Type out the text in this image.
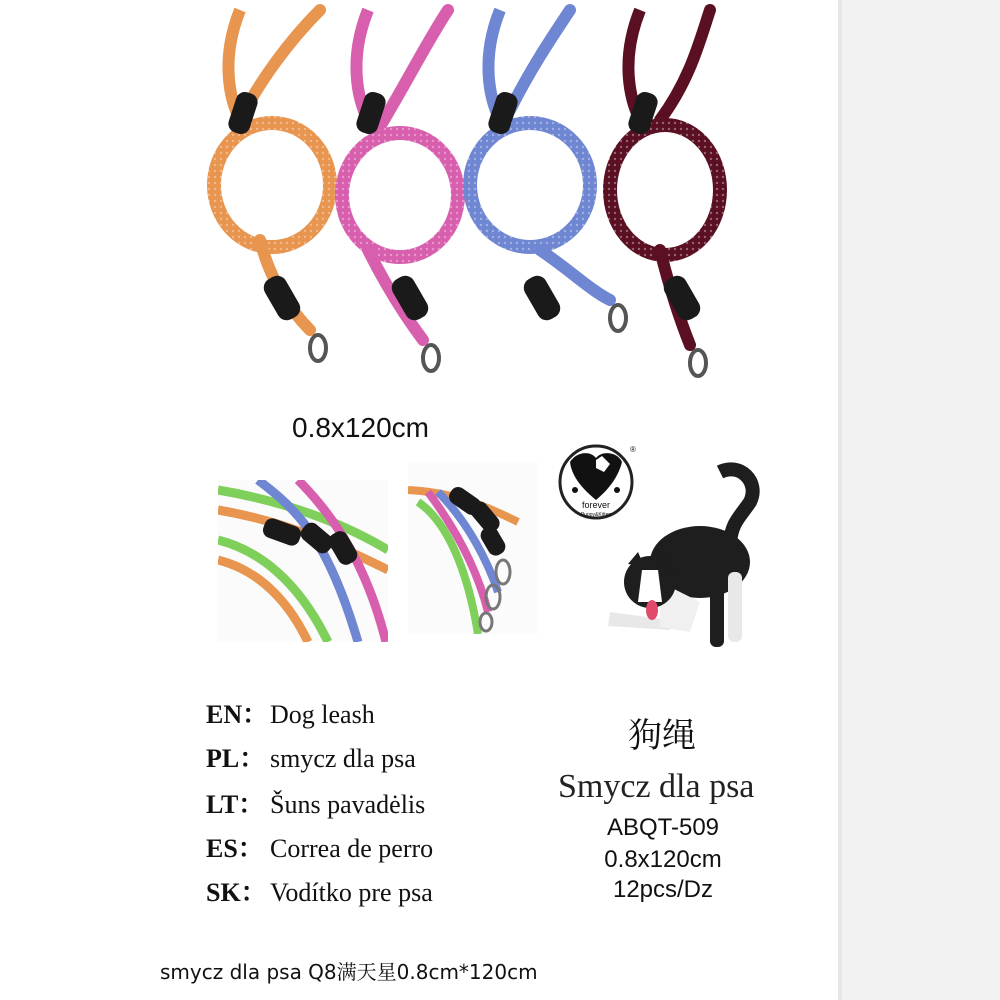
0.8x120cm
forever
Puppy&Kitten
®
EN：Dog leash
PL： smycz dla psa
LT： Šuns pavadėlis
ES： Correa de perro
SK： Vodítko pre psa
狗绳
Smycz dla psa
ABQT-509
0.8x120cm
12pcs/Dz
smycz dla psa Q8满天星0.8cm*120cm
